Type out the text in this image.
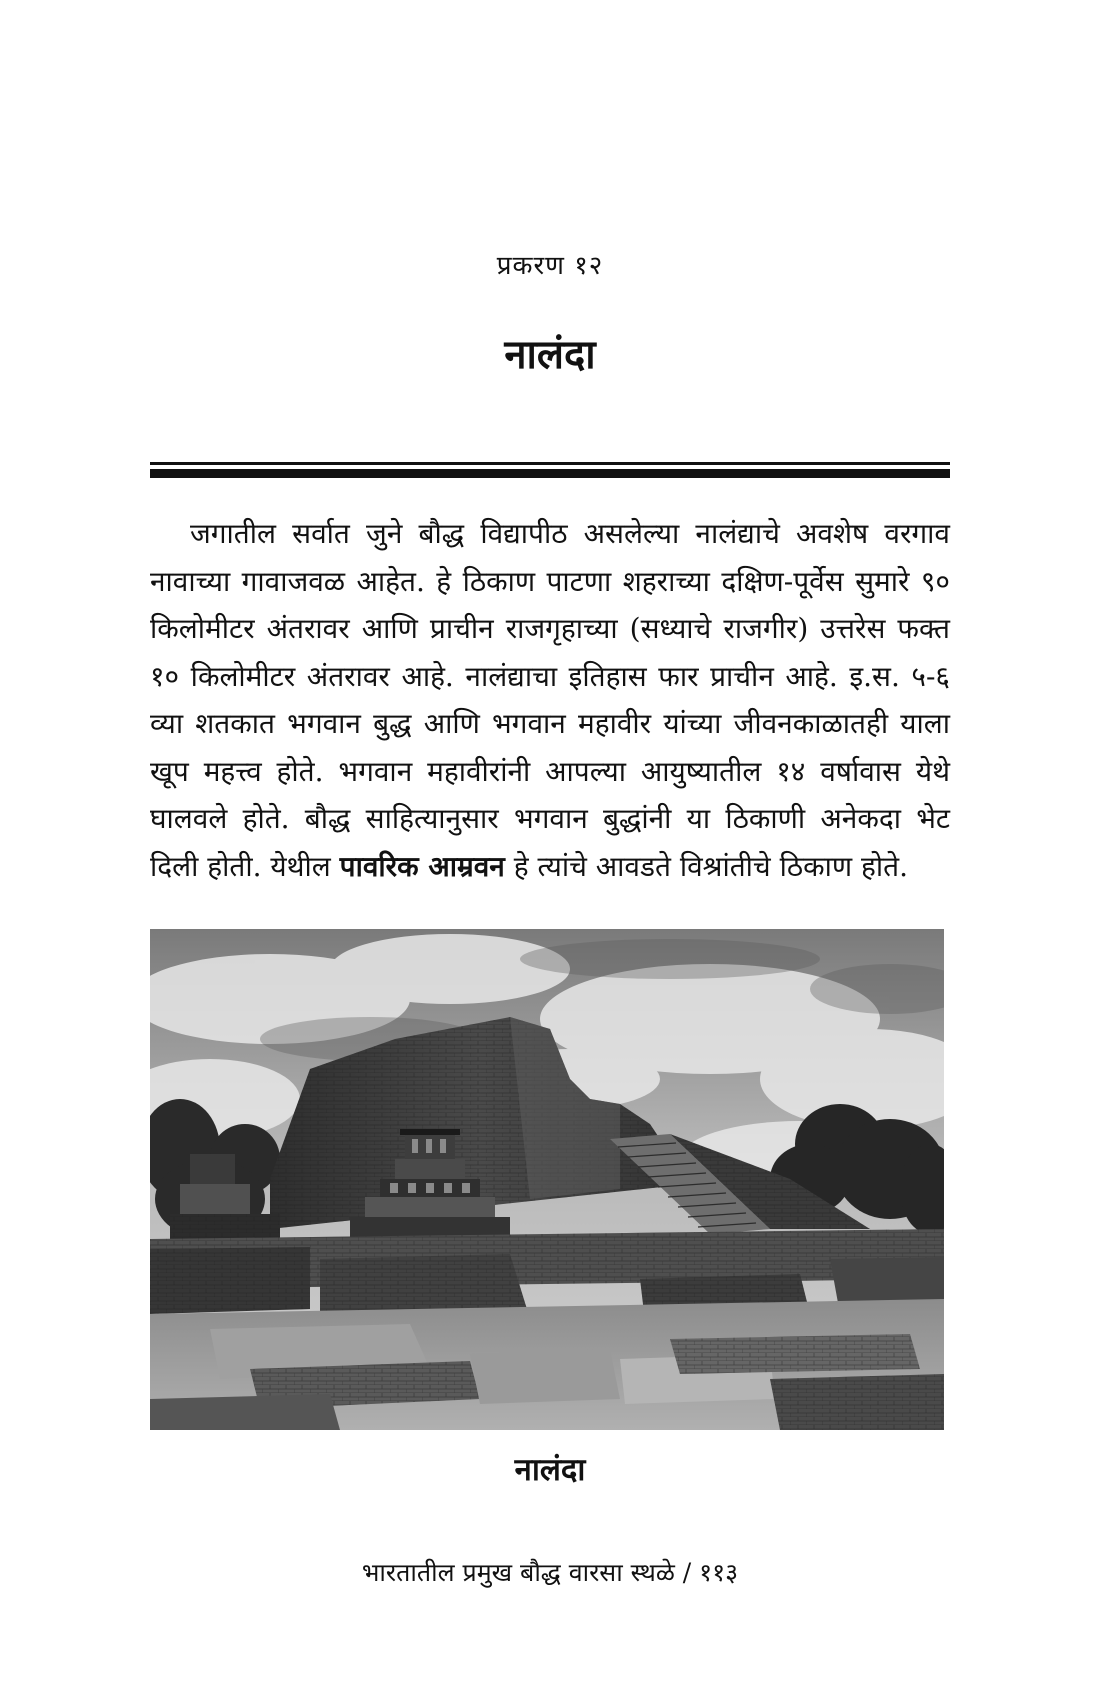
प्रकरण १२
नालंदा

जगातील सर्वात जुने बौद्ध विद्यापीठ असलेल्या नालंद्याचे अवशेष वरगाव नावाच्या गावाजवळ आहेत. हे ठिकाण पाटणा शहराच्या दक्षिण-पूर्वेस सुमारे ९० किलोमीटर अंतरावर आणि प्राचीन राजगृहाच्या (सध्याचे राजगीर) उत्तरेस फक्त १० किलोमीटर अंतरावर आहे. नालंद्याचा इतिहास फार प्राचीन आहे. इ.स. ५-६ व्या शतकात भगवान बुद्ध आणि भगवान महावीर यांच्या जीवनकाळातही याला खूप महत्त्व होते. भगवान महावीरांनी आपल्या आयुष्यातील १४ वर्षावास येथे घालवले होते. बौद्ध साहित्यानुसार भगवान बुद्धांनी या ठिकाणी अनेकदा भेट दिली होती. येथील पावरिक आम्रवन हे त्यांचे आवडते विश्रांतीचे ठिकाण होते.

नालंदा
भारतातील प्रमुख बौद्ध वारसा स्थळे / ११३
